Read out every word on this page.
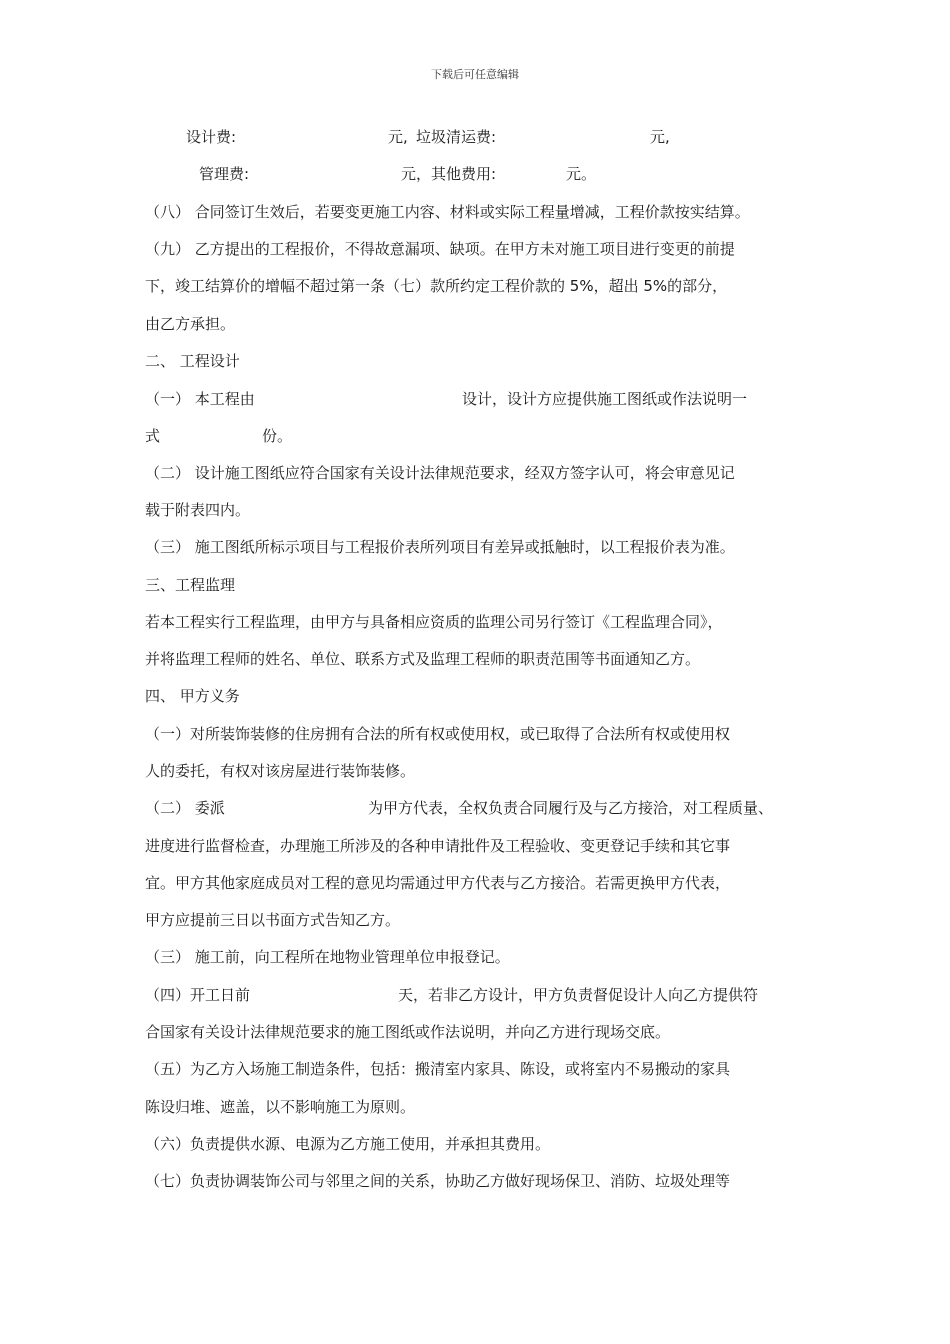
下载后可任意编辑
设计费:	元, 垃圾清运费:	元,
管理费:	元， 其他费用:	元。
（八） 合同签订生效后，若要变更施工内容、材料或实际工程量增减，工程价款按实结算。
（九） 乙方提出的工程报价，不得故意漏项、缺项。在甲方未对施工项目进行变更的前提
下，竣工结算价的增幅不超过第一条（七）款所约定工程价款的 5%，超出 5%的部分，
由乙方承担。
二、 工程设计
（一） 本工程由	设计，设计方应提供施工图纸或作法说明一
式	份。
（二） 设计施工图纸应符合国家有关设计法律规范要求，经双方签字认可，将会审意见记
载于附表四内。
（三） 施工图纸所标示项目与工程报价表所列项目有差异或抵触时，以工程报价表为准。
三、工程监理
若本工程实行工程监理，由甲方与具备相应资质的监理公司另行签订《工程监理合同》，
并将监理工程师的姓名、单位、联系方式及监理工程师的职责范围等书面通知乙方。
四、 甲方义务
（一）对所装饰装修的住房拥有合法的所有权或使用权，或已取得了合法所有权或使用权
人的委托，有权对该房屋进行装饰装修。
（二） 委派	为甲方代表，全权负责合同履行及与乙方接洽，对工程质量、
进度进行监督检查，办理施工所涉及的各种申请批件及工程验收、变更登记手续和其它事
宜。甲方其他家庭成员对工程的意见均需通过甲方代表与乙方接洽。若需更换甲方代表，
甲方应提前三日以书面方式告知乙方。
（三） 施工前，向工程所在地物业管理单位申报登记。
（四）开工日前	天，若非乙方设计，甲方负责督促设计人向乙方提供符
合国家有关设计法律规范要求的施工图纸或作法说明，并向乙方进行现场交底。
（五）为乙方入场施工制造条件，包括：搬清室内家具、陈设，或将室内不易搬动的家具
陈设归堆、遮盖，以不影响施工为原则。
（六）负责提供水源、电源为乙方施工使用，并承担其费用。
（七）负责协调装饰公司与邻里之间的关系，协助乙方做好现场保卫、消防、垃圾处理等
